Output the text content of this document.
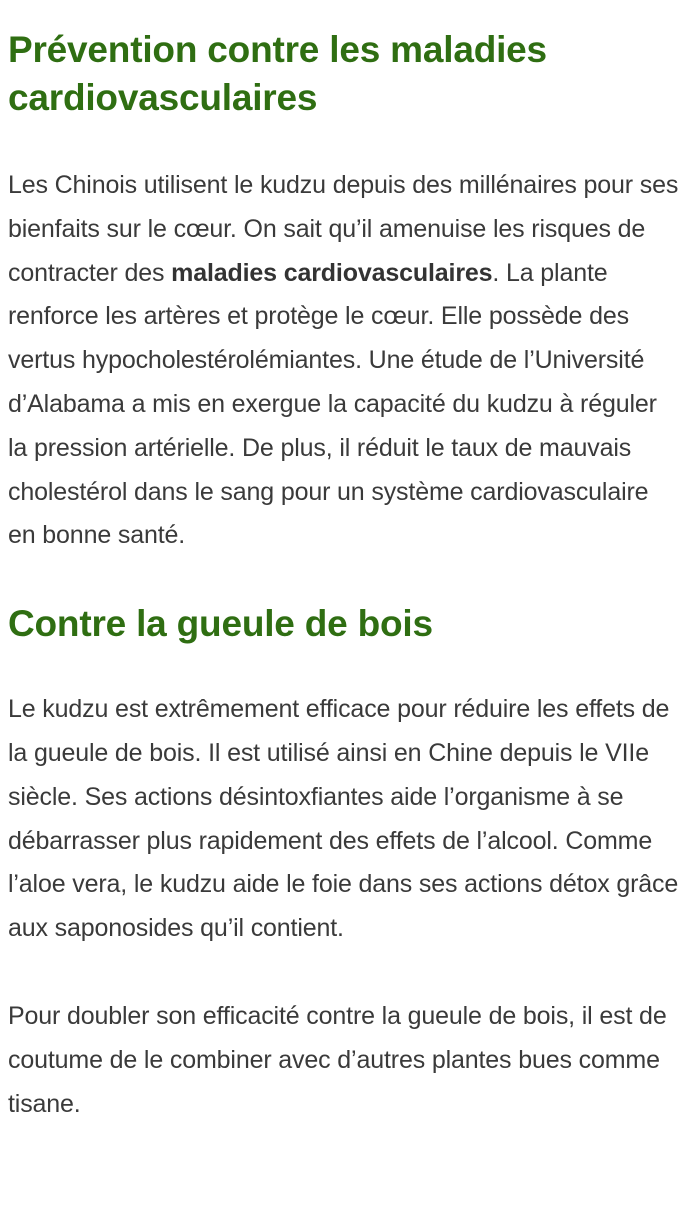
Prévention contre les maladies cardiovasculaires

Les Chinois utilisent le kudzu depuis des millénaires pour ses bienfaits sur le cœur. On sait qu’il amenuise les risques de contracter des maladies cardiovasculaires. La plante renforce les artères et protège le cœur. Elle possède des vertus hypocholestérolémiantes. Une étude de l’Université d’Alabama a mis en exergue la capacité du kudzu à réguler la pression artérielle. De plus, il réduit le taux de mauvais cholestérol dans le sang pour un système cardiovasculaire en bonne santé.

Contre la gueule de bois

Le kudzu est extrêmement efficace pour réduire les effets de la gueule de bois. Il est utilisé ainsi en Chine depuis le VIIe siècle. Ses actions désintoxfiantes aide l’organisme à se débarrasser plus rapidement des effets de l’alcool. Comme l’aloe vera, le kudzu aide le foie dans ses actions détox grâce aux saponosides qu’il contient.

Pour doubler son efficacité contre la gueule de bois, il est de coutume de le combiner avec d’autres plantes bues comme tisane.
